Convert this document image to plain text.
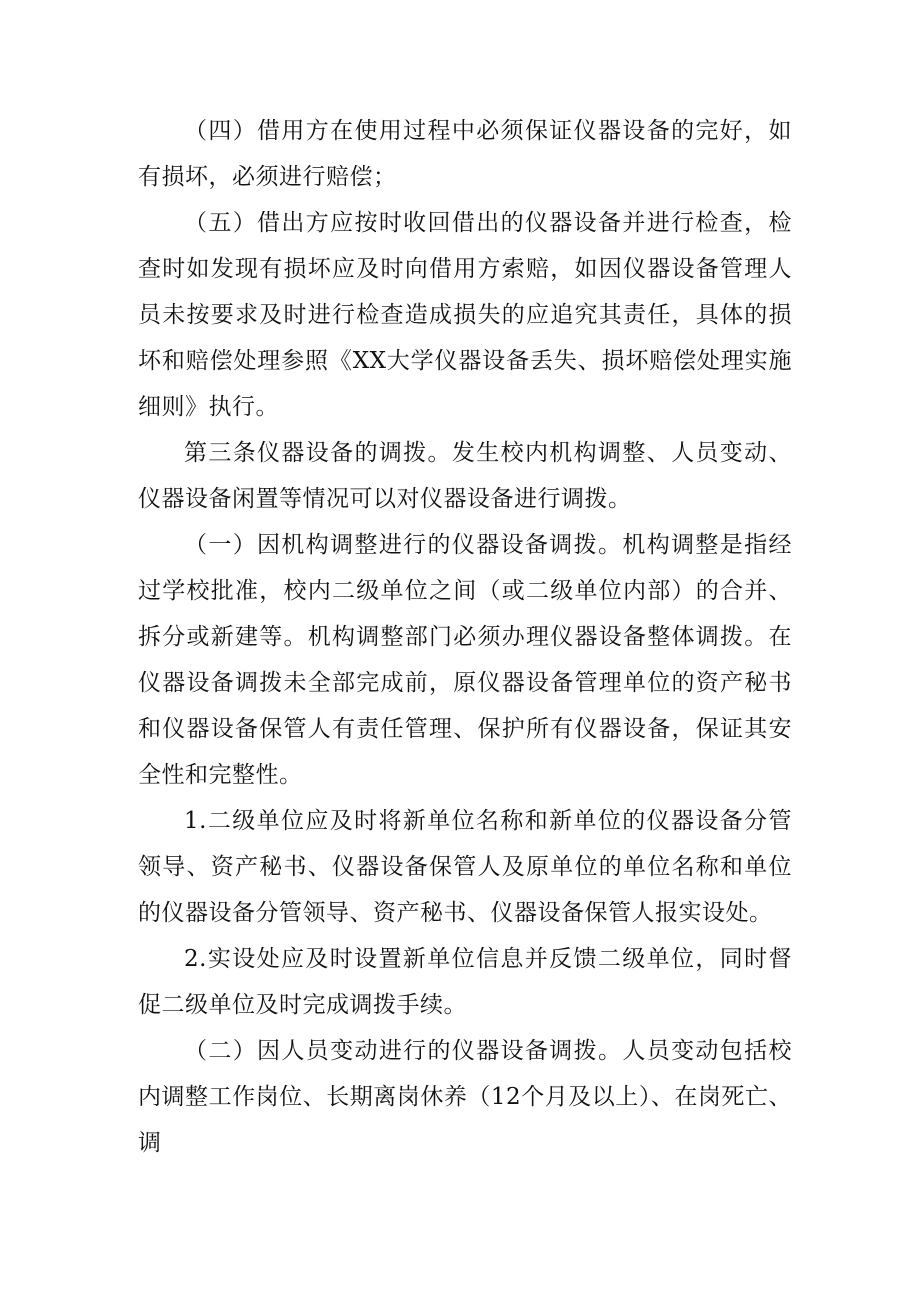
（四）借用方在使用过程中必须保证仪器设备的完好，如有损坏，必须进行赔偿；

（五）借出方应按时收回借出的仪器设备并进行检查，检查时如发现有损坏应及时向借用方索赔，如因仪器设备管理人员未按要求及时进行检查造成损失的应追究其责任，具体的损坏和赔偿处理参照《XX大学仪器设备丢失、损坏赔偿处理实施细则》执行。

第三条仪器设备的调拨。发生校内机构调整、人员变动、仪器设备闲置等情况可以对仪器设备进行调拨。

（一）因机构调整进行的仪器设备调拨。机构调整是指经过学校批准，校内二级单位之间（或二级单位内部）的合并、拆分或新建等。机构调整部门必须办理仪器设备整体调拨。在仪器设备调拨未全部完成前，原仪器设备管理单位的资产秘书和仪器设备保管人有责任管理、保护所有仪器设备，保证其安全性和完整性。

1.二级单位应及时将新单位名称和新单位的仪器设备分管领导、资产秘书、仪器设备保管人及原单位的单位名称和单位的仪器设备分管领导、资产秘书、仪器设备保管人报实设处。

2.实设处应及时设置新单位信息并反馈二级单位，同时督促二级单位及时完成调拨手续。

（二）因人员变动进行的仪器设备调拨。人员变动包括校内调整工作岗位、长期离岗休养（12个月及以上）、在岗死亡、调
